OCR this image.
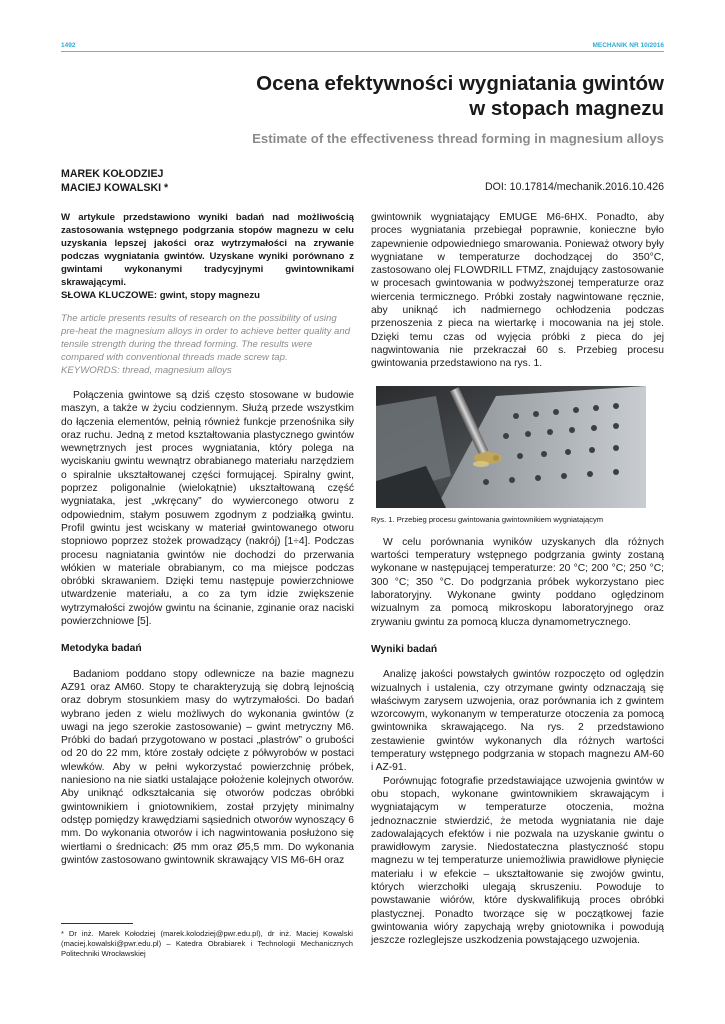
1492	MECHANIK NR 10/2016
Ocena efektywności wygniatania gwintów
w stopach magnezu
Estimate of the effectiveness thread forming in magnesium alloys
MAREK KOŁODZIEJ
MACIEJ KOWALSKI *	DOI: 10.17814/mechanik.2016.10.426
W artykule przedstawiono wyniki badań nad możliwością zastosowania wstępnego podgrzania stopów magnezu w celu uzyskania lepszej jakości oraz wytrzymałości na zrywanie podczas wygniatania gwintów. Uzyskane wyniki porównano z gwintami wykonanymi tradycyjnymi gwintownikami skrawającymi.
SŁOWA KLUCZOWE: gwint, stopy magnezu
The article presents results of research on the possibility of using pre-heat the magnesium alloys in order to achieve better quality and tensile strength during the thread forming. The results were compared with conventional threads made screw tap.
KEYWORDS: thread, magnesium alloys

Połączenia gwintowe są dziś często stosowane w budowie maszyn, a także w życiu codziennym. Służą przede wszystkim do łączenia elementów, pełnią również funkcje przenośnika siły oraz ruchu. Jedną z metod kształtowania plastycznego gwintów wewnętrznych jest proces wygniatania, który polega na wyciskaniu gwintu wewnątrz obrabianego materiału narzędziem o spiralnie ukształtowanej części formującej. Spiralny gwint, poprzez poligonalnie (wielokątnie) ukształtowaną część wygniataka, jest „wkręcany” do wywierconego otworu z odpowiednim, stałym posuwem zgodnym z podziałką gwintu. Profil gwintu jest wciskany w materiał gwintowanego otworu stopniowo poprzez stożek prowadzący (nakrój) [1÷4]. Podczas procesu nagniatania gwintów nie dochodzi do przerwania włókien w materiale obrabianym, co ma miejsce podczas obróbki skrawaniem. Dzięki temu następuje powierzchniowe utwardzenie materiału, a co za tym idzie zwiększenie wytrzymałości zwojów gwintu na ścinanie, zginanie oraz naciski powierzchniowe [5].

Metodyka badań

Badaniom poddano stopy odlewnicze na bazie magnezu AZ91 oraz AM60. Stopy te charakteryzują się dobrą lejnością oraz dobrym stosunkiem masy do wytrzymałości. Do badań wybrano jeden z wielu możliwych do wykonania gwintów (z uwagi na jego szerokie zastosowanie) – gwint metryczny M6. Próbki do badań przygotowano w postaci „plastrów” o grubości od 20 do 22 mm, które zostały odcięte z półwyrobów w postaci wlewków. Aby w pełni wykorzystać powierzchnię próbek, naniesiono na nie siatki ustalające położenie kolejnych otworów. Aby uniknąć odkształcania się otworów podczas obróbki gwintownikiem i gniotownikiem, został przyjęty minimalny odstęp pomiędzy krawędziami sąsiednich otworów wynoszący 6 mm. Do wykonania otworów i ich nagwintowania posłużono się wiertłami o średnicach: Ø5 mm oraz Ø5,5 mm. Do wykonania gwintów zastosowano gwintownik skrawający VIS M6-6H oraz

gwintownik wygniatający EMUGE M6-6HX. Ponadto, aby proces wygniatania przebiegał poprawnie, konieczne było zapewnienie odpowiedniego smarowania. Ponieważ otwory były wygniatane w temperaturze dochodzącej do 350°C, zastosowano olej FLOWDRILL FTMZ, znajdujący zastosowanie w procesach gwintowania w podwyższonej temperaturze oraz wiercenia termicznego. Próbki zostały nagwintowane ręcznie, aby uniknąć ich nadmiernego ochłodzenia podczas przenoszenia z pieca na wiertarkę i mocowania na jej stole. Dzięki temu czas od wyjęcia próbki z pieca do jej nagwintowania nie przekraczał 60 s. Przebieg procesu gwintowania przedstawiono na rys. 1.

Rys. 1. Przebieg procesu gwintowania gwintownikiem wygniatającym

W celu porównania wyników uzyskanych dla różnych wartości temperatury wstępnego podgrzania gwinty zostaną wykonane w następującej temperaturze: 20 °C; 200 °C; 250 °C; 300 °C; 350 °C. Do podgrzania próbek wykorzystano piec laboratoryjny. Wykonane gwinty poddano oględzinom wizualnym za pomocą mikroskopu laboratoryjnego oraz zrywaniu gwintu za pomocą klucza dynamometrycznego.

Wyniki badań

Analizę jakości powstałych gwintów rozpoczęto od oględzin wizualnych i ustalenia, czy otrzymane gwinty odznaczają się właściwym zarysem uzwojenia, oraz porównania ich z gwintem wzorcowym, wykonanym w temperaturze otoczenia za pomocą gwintownika skrawającego. Na rys. 2 przedstawiono zestawienie gwintów wykonanych dla różnych wartości temperatury wstępnego podgrzania w stopach magnezu AM-60 i AZ-91.

Porównując fotografie przedstawiające uzwojenia gwintów w obu stopach, wykonane gwintownikiem skrawającym i wygniatającym w temperaturze otoczenia, można jednoznacznie stwierdzić, że metoda wygniatania nie daje zadowalających efektów i nie pozwala na uzyskanie gwintu o prawidłowym zarysie. Niedostateczna plastyczność stopu magnezu w tej temperaturze uniemożliwia prawidłowe płynięcie materiału i w efekcie – ukształtowanie się zwojów gwintu, których wierzchołki ulegają skruszeniu. Powoduje to powstawanie wiórów, które dyskwalifikują proces obróbki plastycznej. Ponadto tworzące się w początkowej fazie gwintowania wióry zapychają wręby gniotownika i powodują jeszcze rozleglejsze uszkodzenia powstającego uzwojenia.

* Dr inż. Marek Kołodziej (marek.kolodziej@pwr.edu.pl), dr inż. Maciej Kowalski (maciej.kowalski@pwr.edu.pl) – Katedra Obrabiarek i Technologii Mechanicznych Politechniki Wrocławskiej
